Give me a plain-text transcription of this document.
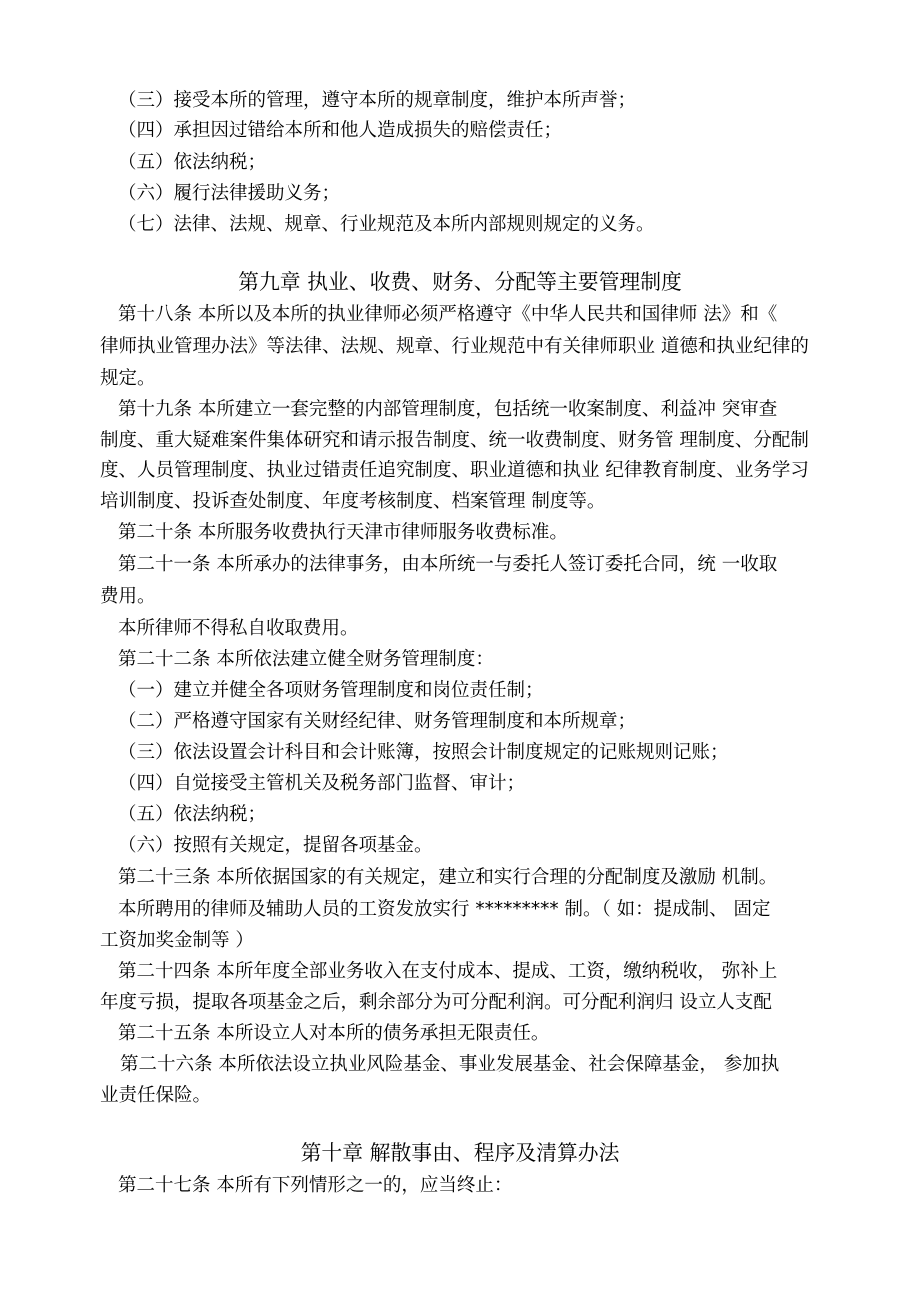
（三）接受本所的管理，遵守本所的规章制度，维护本所声誉；

（四）承担因过错给本所和他人造成损失的赔偿责任；

（五）依法纳税；

（六）履行法律援助义务；

（七）法律、法规、规章、行业规范及本所内部规则规定的义务。

第九章 执业、收费、财务、分配等主要管理制度

第十八条 本所以及本所的执业律师必须严格遵守《中华人民共和国律师 法》和《

律师执业管理办法》等法律、法规、规章、行业规范中有关律师职业 道德和执业纪律的

规定。

第十九条 本所建立一套完整的内部管理制度，包括统一收案制度、利益冲 突审查

制度、重大疑难案件集体研究和请示报告制度、统一收费制度、财务管 理制度、分配制

度、人员管理制度、执业过错责任追究制度、职业道德和执业 纪律教育制度、业务学习

培训制度、投诉查处制度、年度考核制度、档案管理 制度等。

第二十条 本所服务收费执行天津市律师服务收费标准。

第二十一条 本所承办的法律事务，由本所统一与委托人签订委托合同，统 一收取

费用。

本所律师不得私自收取费用。

第二十二条 本所依法建立健全财务管理制度：

（一）建立并健全各项财务管理制度和岗位责任制；

（二）严格遵守国家有关财经纪律、财务管理制度和本所规章；

（三）依法设置会计科目和会计账簿，按照会计制度规定的记账规则记账；

（四）自觉接受主管机关及税务部门监督、审计；

（五）依法纳税；

（六）按照有关规定，提留各项基金。

第二十三条 本所依据国家的有关规定，建立和实行合理的分配制度及激励 机制。

本所聘用的律师及辅助人员的工资发放实行 ********* 制。（ 如：提成制、 固定

工资加奖金制等 ）

第二十四条 本所年度全部业务收入在支付成本、提成、工资，缴纳税收， 弥补上

年度亏损，提取各项基金之后，剩余部分为可分配利润。可分配利润归 设立人支配

第二十五条 本所设立人对本所的债务承担无限责任。

第二十六条 本所依法设立执业风险基金、事业发展基金、社会保障基金， 参加执

业责任保险。

第十章 解散事由、程序及清算办法

第二十七条 本所有下列情形之一的，应当终止：
